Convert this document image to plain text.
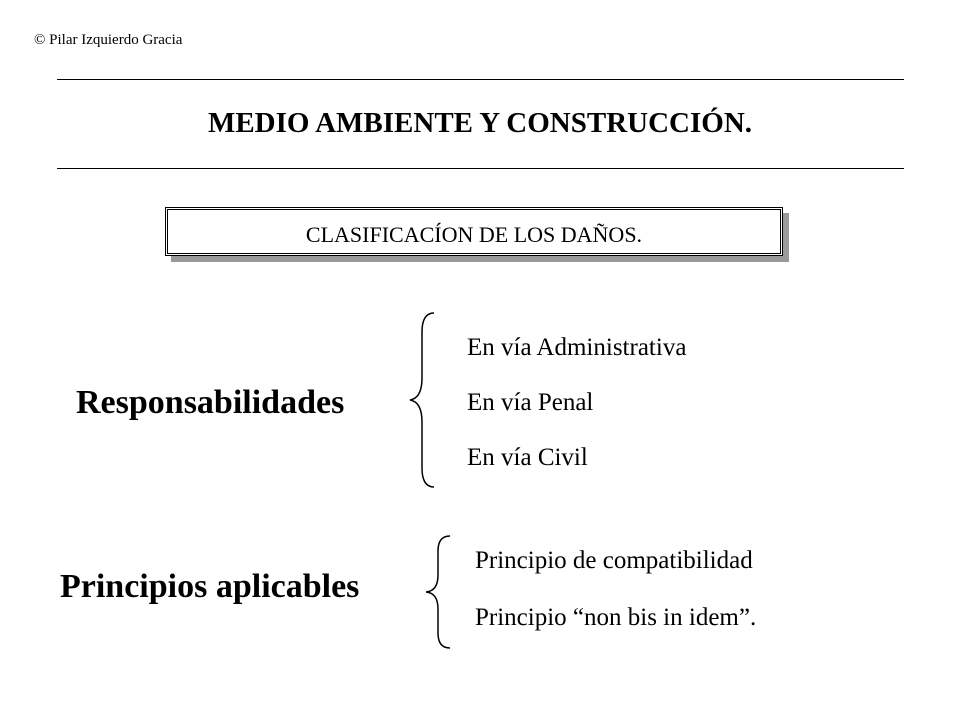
© Pilar Izquierdo Gracia
MEDIO AMBIENTE Y CONSTRUCCIÓN.
CLASIFICACÍON DE LOS DAÑOS.
Responsabilidades
En vía Administrativa
En vía Penal
En vía Civil
Principios aplicables
Principio de compatibilidad
Principio “non bis in idem”.
